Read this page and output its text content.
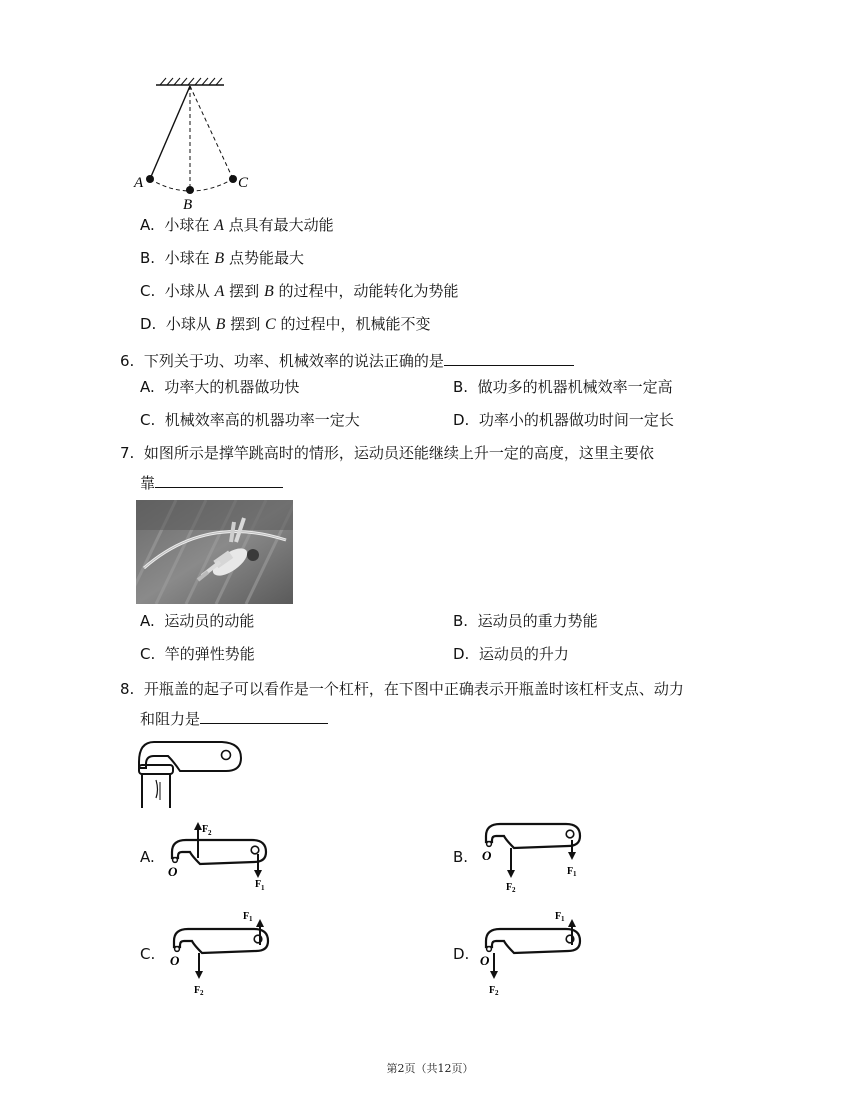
A
B
C
A. 小球在 A 点具有最大动能
B. 小球在 B 点势能最大
C. 小球从 A 摆到 B 的过程中，动能转化为势能
D. 小球从 B 摆到 C 的过程中，机械能不变
6. 下列关于功、功率、机械效率的说法正确的是
A. 功率大的机器做功快	B. 做功多的机器机械效率一定高
C. 机械效率高的机器功率一定大	D. 功率小的机器做功时间一定长
7. 如图所示是撑竿跳高时的情形，运动员还能继续上升一定的高度，这里主要依
靠
A. 运动员的动能	B. 运动员的重力势能
C. 竿的弹性势能	D. 运动员的升力
8. 开瓶盖的起子可以看作是一个杠杆，在下图中正确表示开瓶盖时该杠杆支点、动力
和阻力是
A.
O
F 2
F 1
B. O
F 2
F 1
C. O
F 2
F 1
D. O
F 2
F 1
第2页（共12页）
